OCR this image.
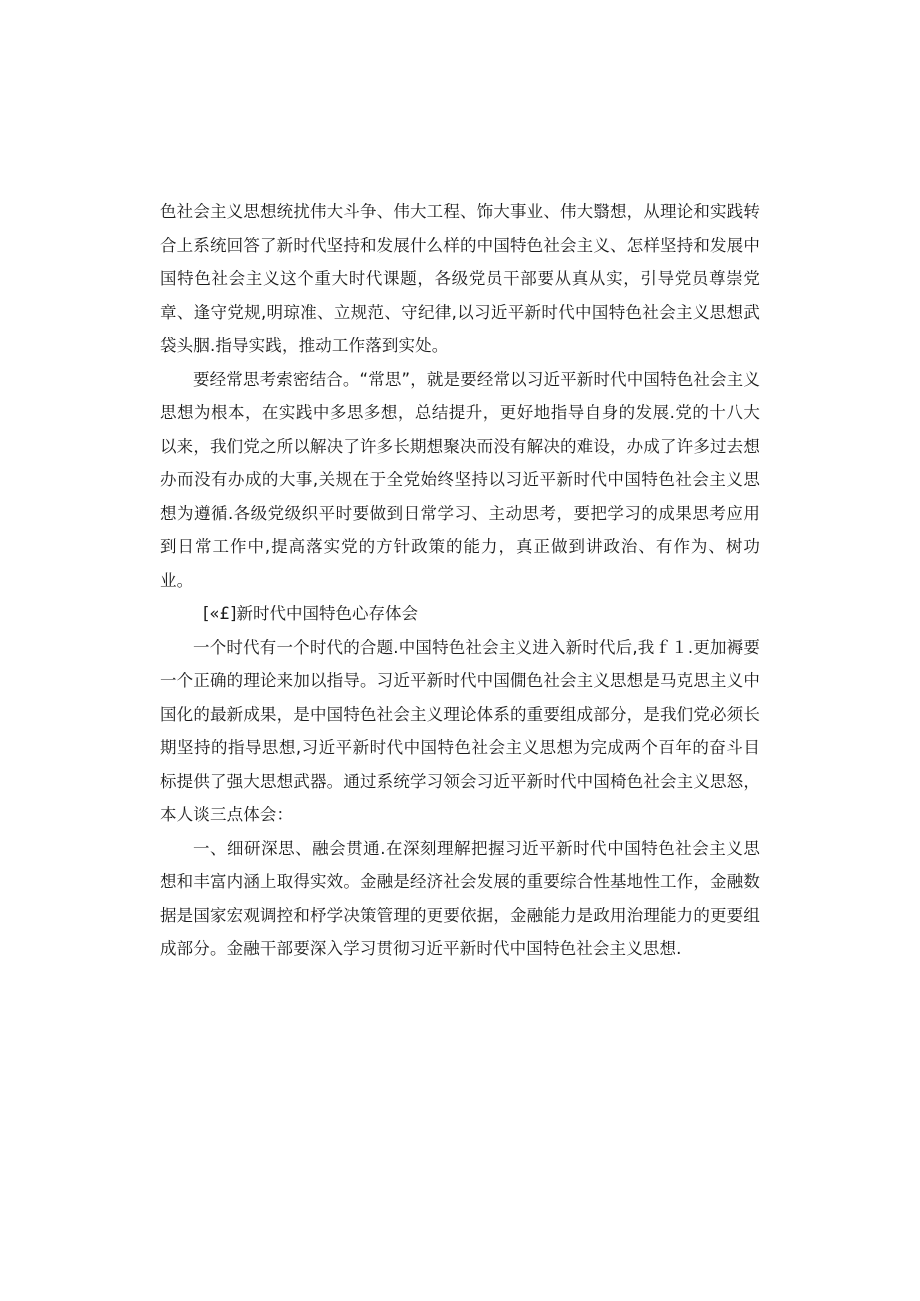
色社会主义思想统扰伟大斗争、伟大工程、饰大事业、伟大翳想，从理论和实践转合上系统回答了新时代坚持和发展什么样的中国特色社会主义、怎样坚持和发展中国特色社会主义这个重大时代课题，各级党员干部要从真从实，引导党员尊崇党章、逢守党规,明琼准、立规范、守纪律,以习近平新时代中国特色社会主义思想武袋头胭.指导实践，推动工作落到实处。

要经常思考索密结合。“常思”，就是要经常以习近平新时代中国特色社会主义思想为根本，在实践中多思多想，总结提升，更好地指导自身的发展.党的十八大以来，我们党之所以解决了许多长期想聚决而没有解决的难设，办成了许多过去想办而没有办成的大事,关规在于全党始终坚持以习近平新时代中国特色社会主义思想为遵循.各级党级织平时要做到日常学习、主动思考，要把学习的成果思考应用到日常工作中,提高落实党的方针政策的能力，真正做到讲政治、有作为、树功业。

[«£]新时代中国特色心存体会

一个时代有一个时代的合题.中国特色社会主义进入新时代后,我ｆ１.更加褥要一个正确的理论来加以指导。习近平新时代中国僩色社会主义思想是马克思主义中国化的最新成果，是中国特色社会主义理论体系的重要组成部分，是我们党必须长期坚持的指导思想,习近平新时代中国特色社会主义思想为完成两个百年的奋斗目标提供了强大思想武器。通过系统学习领会习近平新时代中国椅色社会主义思怒，本人谈三点体会：

一、细研深思、融会贯通.在深刻理解把握习近平新时代中国特色社会主义思想和丰富内涵上取得实效。金融是经济社会发展的重要综合性基地性工作，金融数据是国家宏观调控和杼学决策管理的更要依据，金融能力是政用治理能力的更要组成部分。金融干部要深入学习贯彻习近平新时代中国特色社会主义思想.
